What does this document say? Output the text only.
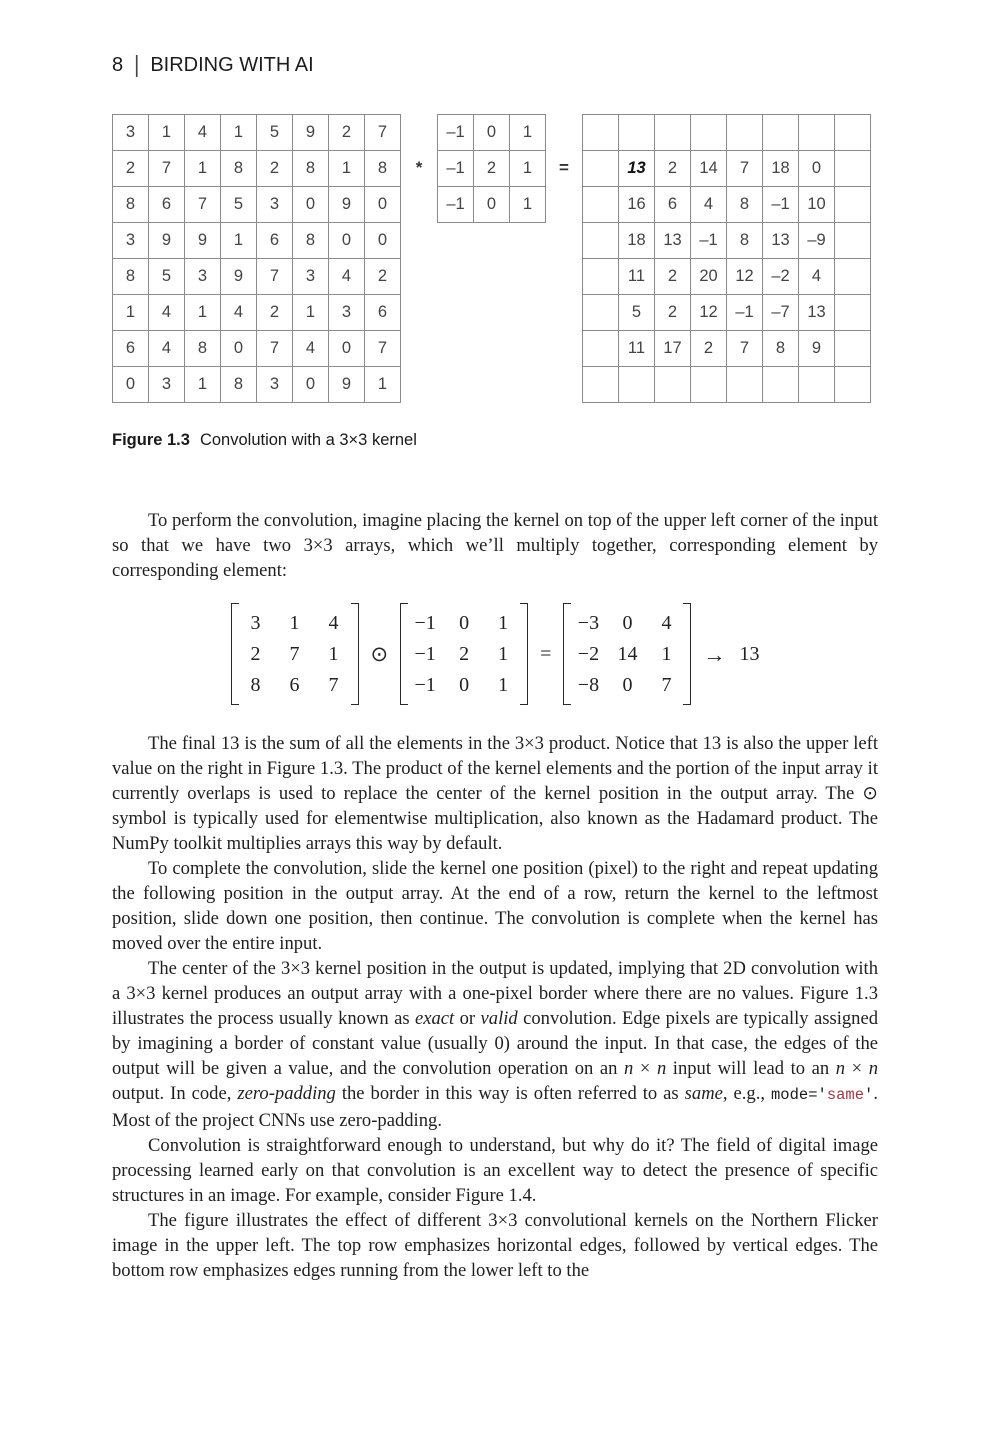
8 | BIRDING WITH AI
3	1	4	1	5	9	2	7
2	7	1	8	2	8	1	8
8	6	7	5	3	0	9	0
3	9	9	1	6	8	0	0
8	5	3	9	7	3	4	2
1	4	1	4	2	1	3	6
6	4	8	0	7	4	0	7
0	3	1	8	3	0	9	1
*
–1	0	1
–1	2	1
–1	0	1
=	13	2	14	7	18	0
16	6	4	8	–1	10
18	13	–1	8	13	–9
11	2	20	12	–2	4
5	2	12	–1	–7	13
11	17	2	7	8	9
Figure 1.3 Convolution with a 3×3 kernel

To perform the convolution, imagine placing the kernel on top of the upper left corner of the input so that we have two 3×3 arrays, which we’ll multiply together, corresponding element by corresponding element:

3	1	4
2	7	1
8	6	7
⊙
−1	0	1
−1	2	1
−1	0	1
=
−3	0	4
−2 14	1
−8	0	7
→ 13

The final 13 is the sum of all the elements in the 3×3 product. Notice that 13 is also the upper left value on the right in Figure 1.3. The product of the kernel elements and the portion of the input array it currently overlaps is used to replace the center of the kernel position in the output array. The ⊙ symbol is typically used for elementwise multiplication, also known as the Hadamard product. The NumPy toolkit multiplies arrays this way by default.

To complete the convolution, slide the kernel one position (pixel) to the right and repeat updating the following position in the output array. At the end of a row, return the kernel to the leftmost position, slide down one position, then continue. The convolution is complete when the kernel has moved over the entire input.

The center of the 3×3 kernel position in the output is updated, implying that 2D convolution with a 3×3 kernel produces an output array with a one-pixel border where there are no values. Figure 1.3 illustrates the process usually known as exact or valid convolution. Edge pixels are typically assigned by imagining a border of constant value (usually 0) around the input. In that case, the edges of the output will be given a value, and the convolution operation on an n × n input will lead to an n × n output. In code, zero-padding the border in this way is often referred to as same, e.g., mode='same'. Most of the project CNNs use zero-padding.

Convolution is straightforward enough to understand, but why do it? The field of digital image processing learned early on that convolution is an excellent way to detect the presence of specific structures in an image. For example, consider Figure 1.4.

The figure illustrates the effect of different 3×3 convolutional kernels on the Northern Flicker image in the upper left. The top row emphasizes horizontal edges, followed by vertical edges. The bottom row emphasizes edges running from the lower left to the
